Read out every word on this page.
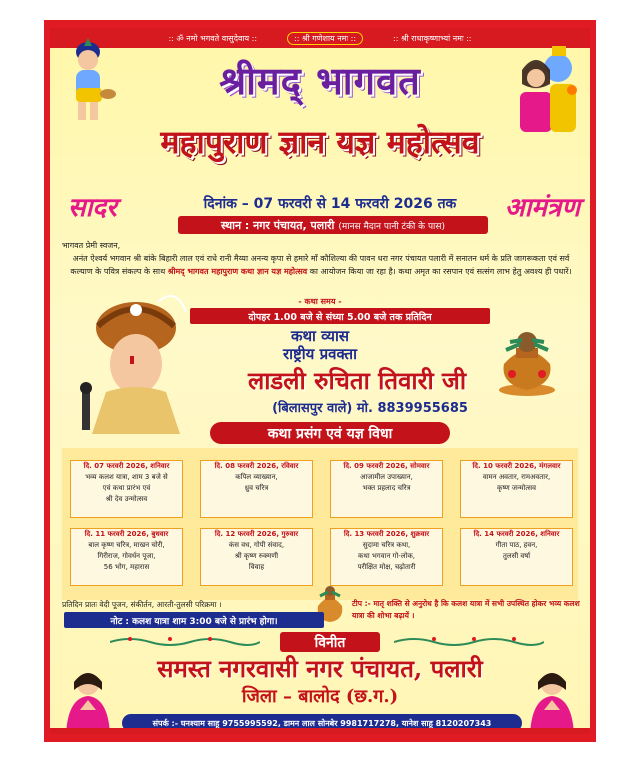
:: ॐ नमो भगवते वासुदेवाय ::	:: श्री गणेशाय नमः ::	:: श्री राधाकृष्णाभ्यां नमः ::
श्रीमद् भागवत
महापुराण ज्ञान यज्ञ महोत्सव
सादर	आमंत्रण
दिनांक – 07 फरवरी से 14 फरवरी 2026 तक
स्थान : नगर पंचायत, पलारी (मानस मैदान पानी टंकी के पास)
भागवत प्रेमी स्वजन,
अनंत ऐश्वर्य भगवान श्री बांके बिहारी लाल एवं राधे रानी मैय्या अनन्य कृपा से हमारे माँ कौशिल्या की पावन धरा नगर पंचायत पलारी में सनातन धर्म के प्रति जागरूकता एवं सर्व कल्याण के पवित्र संकल्प के साथ श्रीमद् भागवत महापुराण कथा ज्ञान यज्ञ महोत्सव का आयोजन किया जा रहा है। कथा अमृत का रसपान एवं सत्संग लाभ हेतु अवश्य ही पधारें।
- कथा समय -
दोपहर 1.00 बजे से संध्या 5.00 बजे तक प्रतिदिन
कथा व्यास
राष्ट्रीय प्रवक्ता
लाडली रुचिता तिवारी जी
(बिलासपुर वाले) मो. 8839955685
कथा प्रसंग एवं यज्ञ विधा
दि. 07 फरवरी 2026, शनिवार
भव्य कलश यात्रा, शाम 3 बजे से
एवं कथा प्रारंभ एवं
श्री देव उन्मोत्सव
दि. 08 फरवरी 2026, रविवार
कपिल व्याख्यान,
ध्रुव चरित्र
दि. 09 फरवरी 2026, सोमवार
आजामील उपाख्यान,
भक्त प्रहलाद चरित्र
दि. 10 फरवरी 2026, मंगलवार
वामन अवतार, रामअवतार,
कृष्ण जन्मोत्सव
दि. 11 फरवरी 2026, बुधवार
बाल कृष्ण चरित्र, माखन चोरी,
गिरीराज, गोवर्धन पूजा,
56 भोग, महारास
दि. 12 फरवरी 2026, गुरुवार
कंस वध, गोपी संवाद,
श्री कृष्ण रुक्मणी
विवाह
दि. 13 फरवरी 2026, शुक्रवार
सुदामा चरित्र कथा,
कथा भगवान गो-लोक,
परीक्षित मोक्ष, चढ़ोतारी
दि. 14 फरवरी 2026, शनिवार
गीता पाठ, हवन,
तुलसी वर्षा
प्रतिदिन प्रातः वेदी पूजन, संकीर्तन, आरती-तुलसी परिक्रमा ।	टीप :- मातृ शक्ति से अनुरोध है कि कलश यात्रा में सभी उपस्थित होकर भव्य कलश यात्रा की शोभा बढ़ायें ।
नोट : कलश यात्रा शाम 3:00 बजे से प्रारंभ होगा।
विनीत
समस्त नगरवासी नगर पंचायत, पलारी
जिला – बालोद (छ.ग.)
संपर्क :- घनश्याम साहू 9755995592, डामन लाल सोनबेर 9981717278, यानेश साहू 8120207343
